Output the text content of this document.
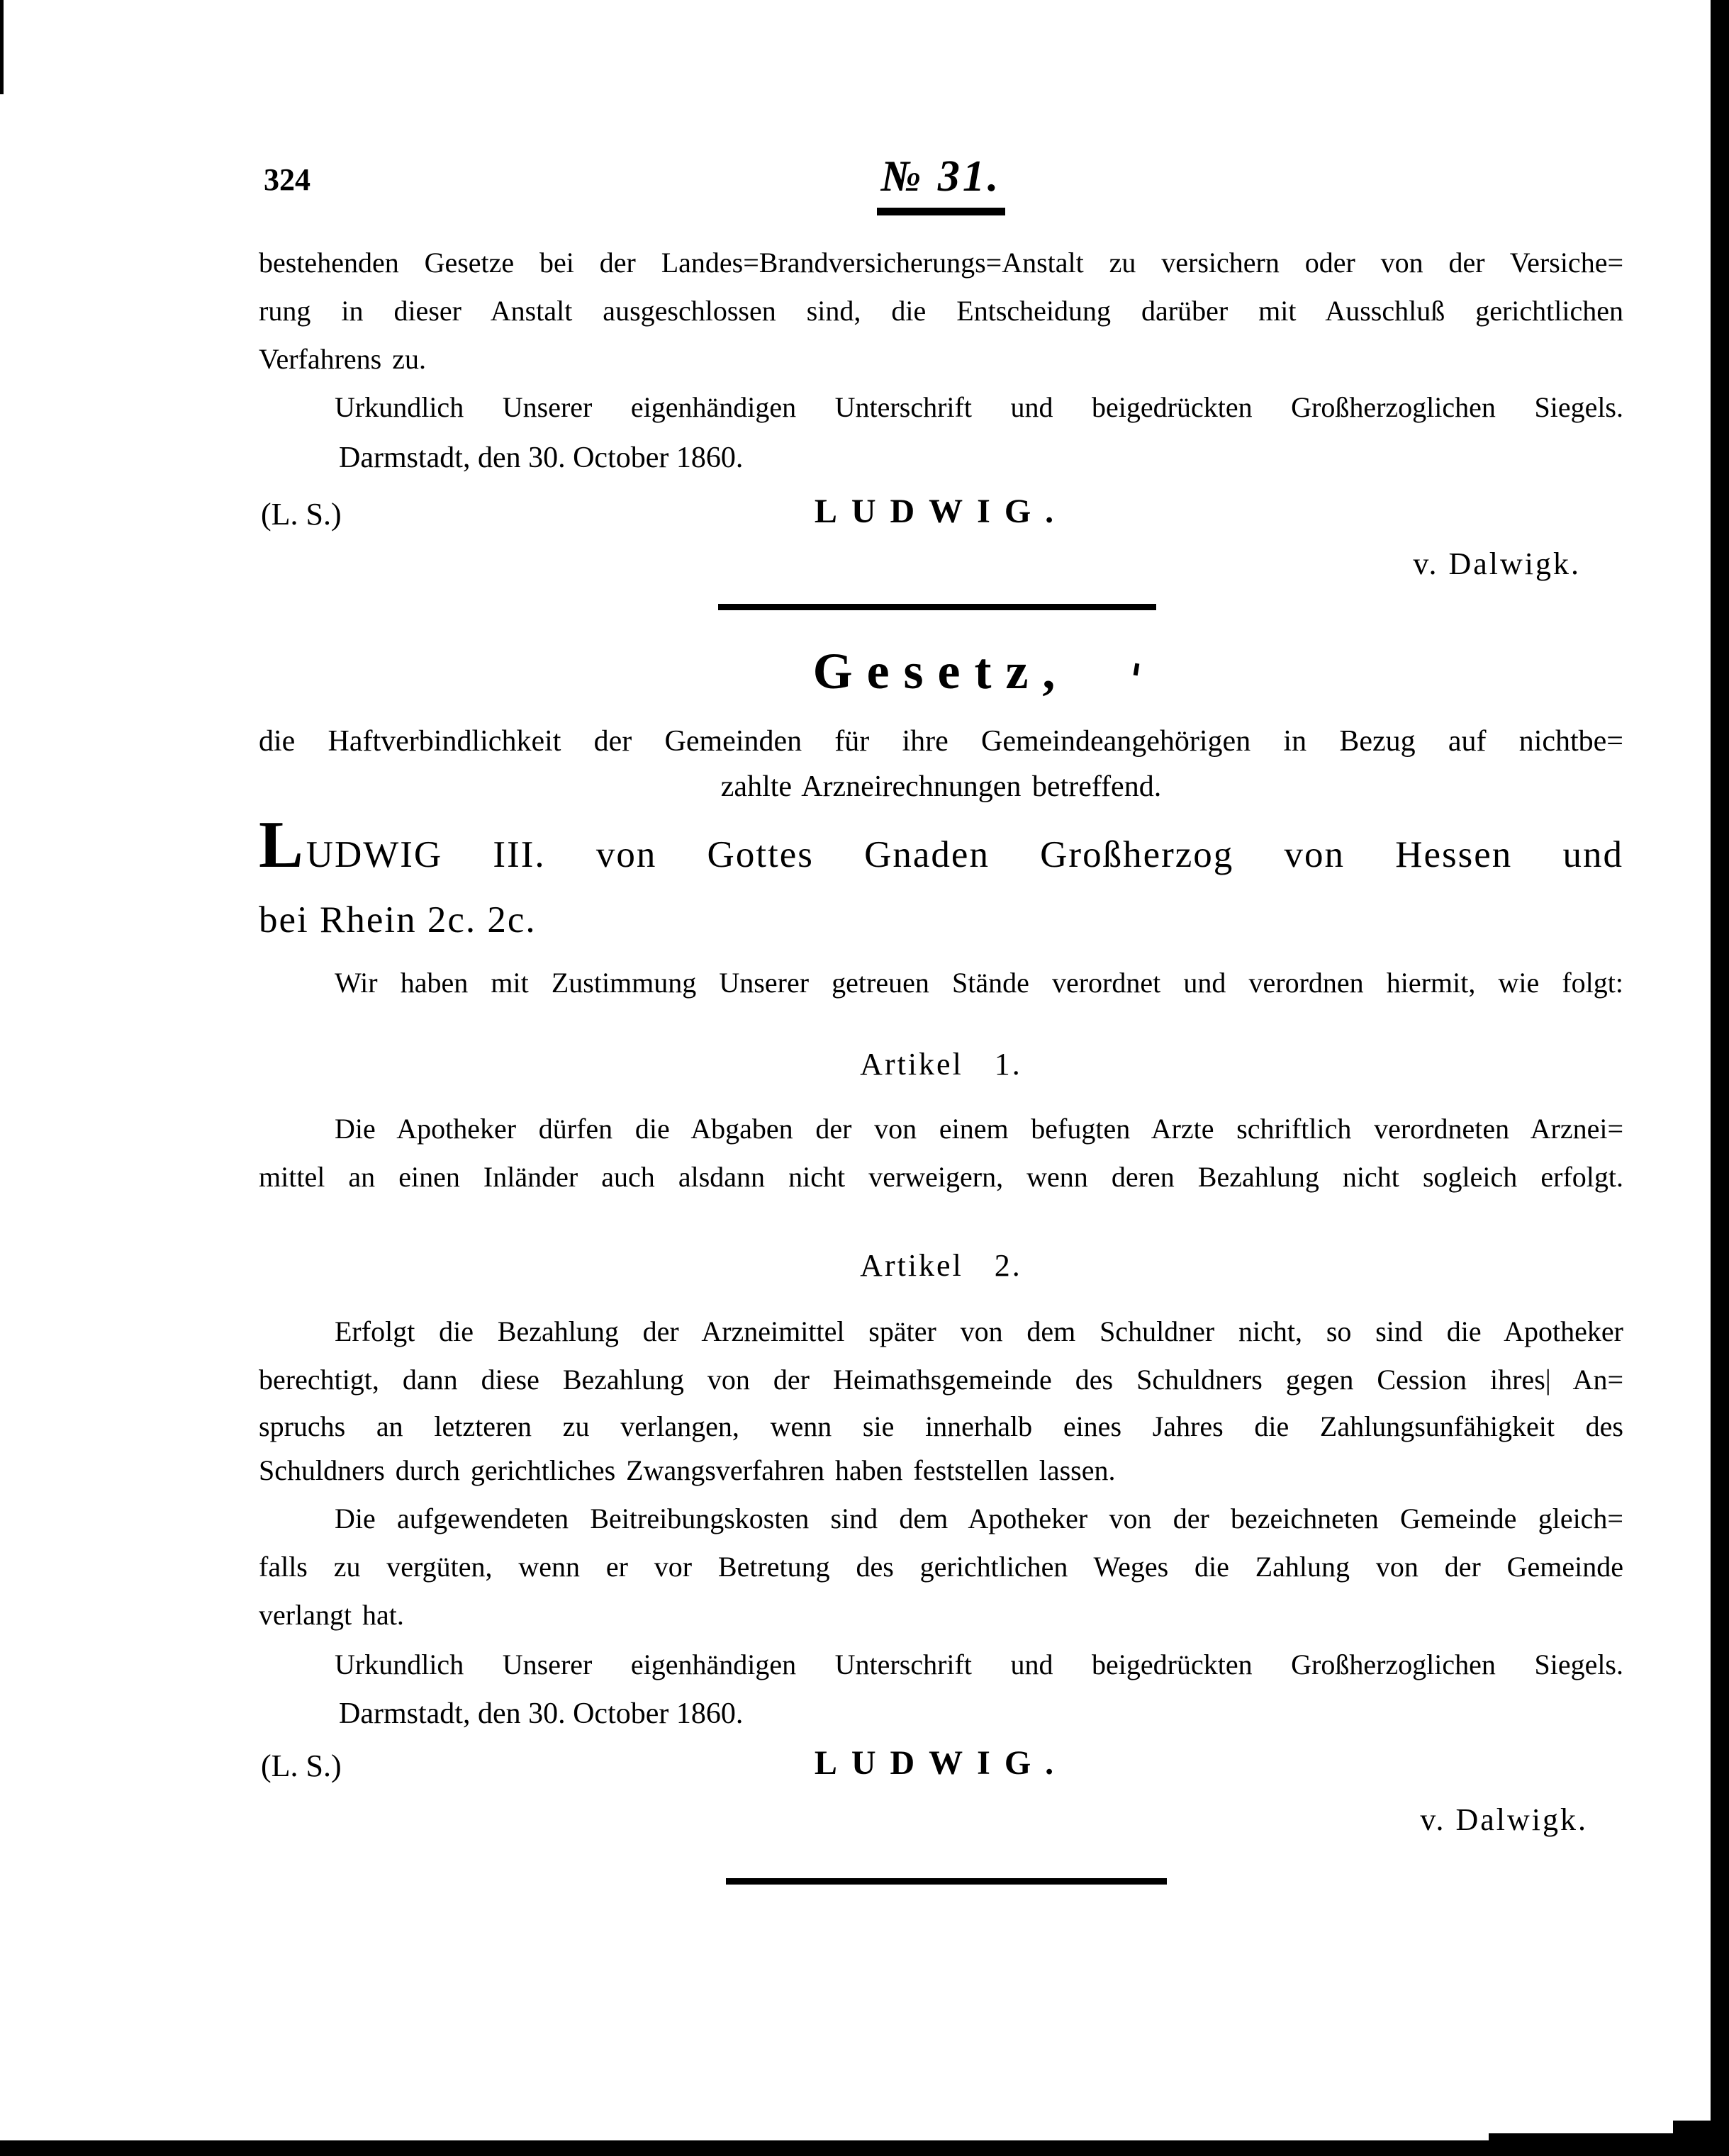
324	№ 31.
bestehenden Gesetze bei der Landes=Brandversicherungs=Anstalt zu versichern oder von der Versiche=
rung in dieser Anstalt ausgeschlossen sind, die Entscheidung darüber mit Ausschluß gerichtlichen
Verfahrens zu.
Urkundlich Unserer eigenhändigen Unterschrift und beigedrückten Großherzoglichen Siegels.
Darmstadt, den 30. October 1860.
(L. S.)	LUDWIG.
v. Dalwigk.
Gesetz,
die Haftverbindlichkeit der Gemeinden für ihre Gemeindeangehörigen in Bezug auf nichtbe=
zahlte Arzneirechnungen betreffend.
L UDWIG III. von Gottes Gnaden Großherzog von Hessen und
bei Rhein 2c. 2c.
Wir haben mit Zustimmung Unserer getreuen Stände verordnet und verordnen hiermit, wie folgt:
Artikel 1.
Die Apotheker dürfen die Abgaben der von einem befugten Arzte schriftlich verordneten Arznei=
mittel an einen Inländer auch alsdann nicht verweigern, wenn deren Bezahlung nicht sogleich erfolgt.
Artikel 2.
Erfolgt die Bezahlung der Arzneimittel später von dem Schuldner nicht, so sind die Apotheker
berechtigt, dann diese Bezahlung von der Heimathsgemeinde des Schuldners gegen Cession ihres| An=
spruchs an letzteren zu verlangen, wenn sie innerhalb eines Jahres die Zahlungsunfähigkeit des
Schuldners durch gerichtliches Zwangsverfahren haben feststellen lassen.
Die aufgewendeten Beitreibungskosten sind dem Apotheker von der bezeichneten Gemeinde gleich=
falls zu vergüten, wenn er vor Betretung des gerichtlichen Weges die Zahlung von der Gemeinde
verlangt hat.
Urkundlich Unserer eigenhändigen Unterschrift und beigedrückten Großherzoglichen Siegels.
Darmstadt, den 30. October 1860.
(L. S.)	LUDWIG.
v. Dalwigk.
